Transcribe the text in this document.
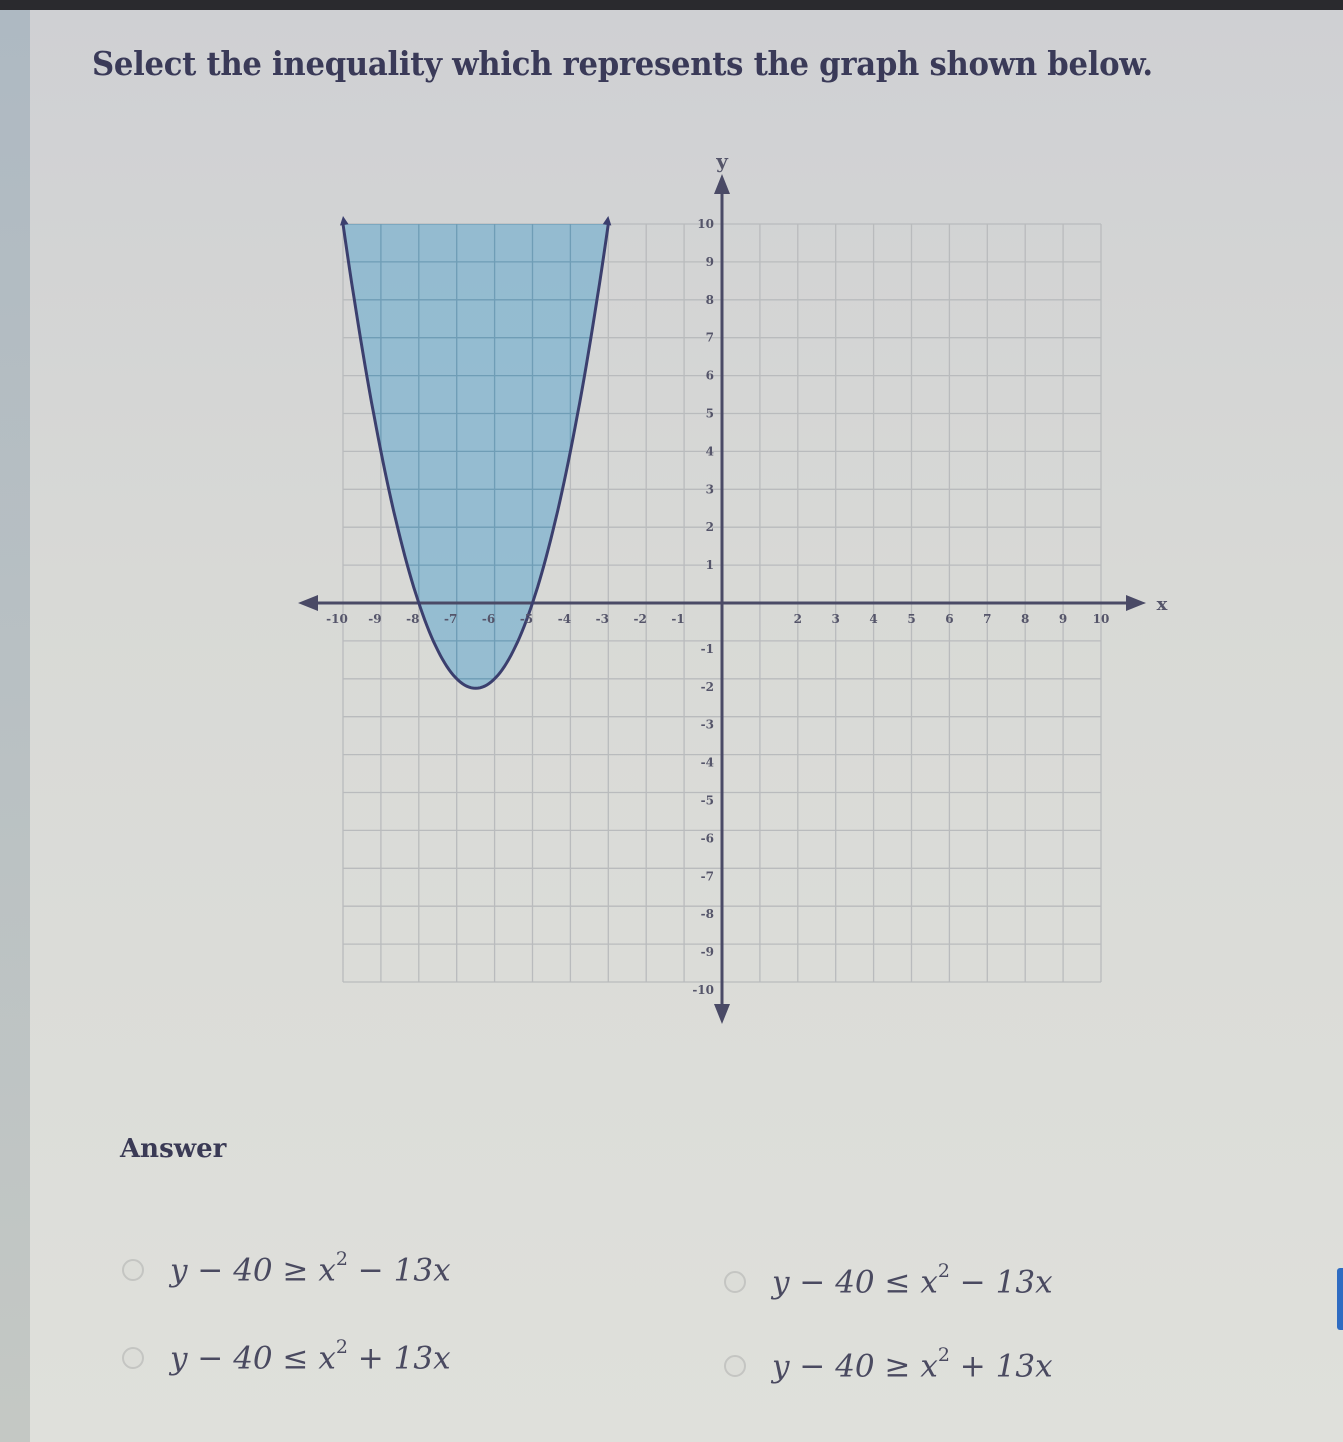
Select the inequality which represents the graph shown below.
-10 -9 -8 -7 -6 -5 -4 -3 -2 -1	2 3 4 5 6 7 8 9 10
10
9
8
7
6
5
4
3
2
1
-1
-2
-3
-4
-5
-6
-7
-8
-9
-10
y
x
Answer
$y - 40 \ge x^2 - 13x$	$y - 40 \le x^2 - 13x$
$y - 40 \le x^2 + 13x$	$y - 40 \ge x^2 + 13x$
